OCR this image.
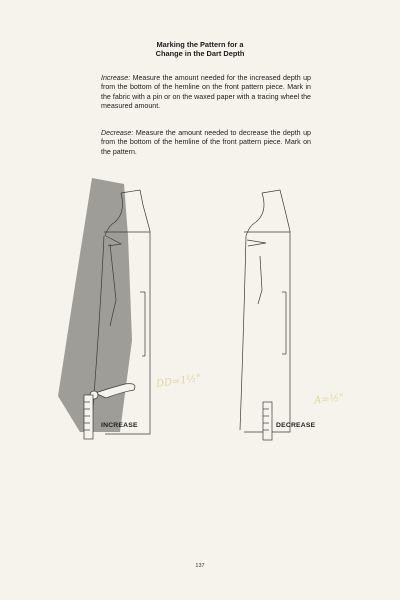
Marking the Pattern for a
Change in the Dart Depth

Increase: Measure the amount needed for the increased depth up from the bottom of the hemline on the front pattern piece. Mark in the fabric with a pin or on the waxed paper with a tracing wheel the measured amount.

Decrease: Measure the amount needed to decrease the depth up from the bottom of the hemline of the front pattern piece. Mark on the pattern.

INCREASE	DECREASE
DD=1½"
A=½"
137
